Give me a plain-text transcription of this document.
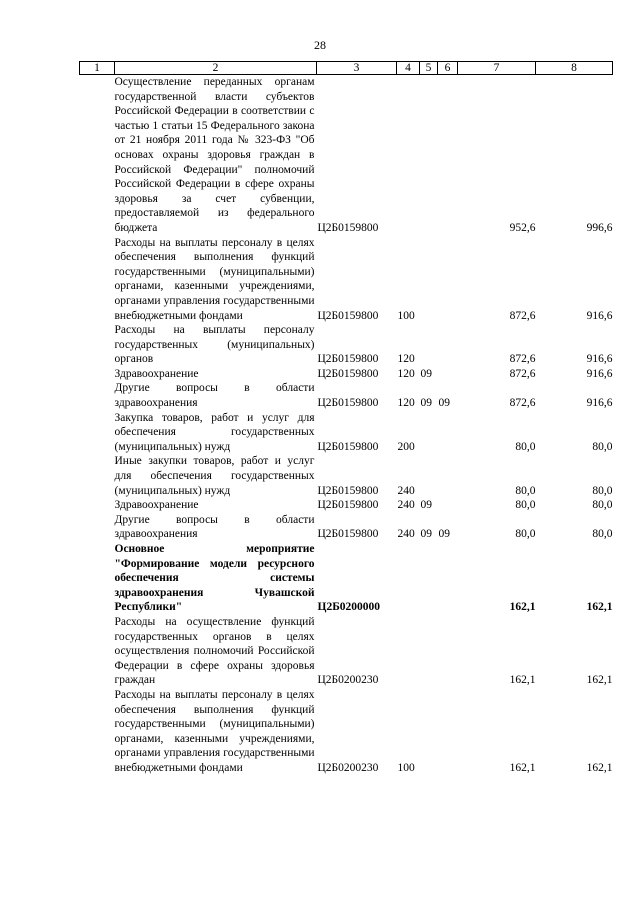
28
1	2	3	4	5	6	7	8
	Осуществление переданных органам государственной власти субъектов Российской Федерации в соответствии с частью 1 статьи 15 Федерального закона от 21 ноября 2011 года № 323-ФЗ "Об основах охраны здоровья граждан в Российской Федерации" полномочий Российской Федерации в сфере охраны здоровья за счет субвенции, предоставляемой из федерального бюджета	Ц2Б0159800				952,6	996,6
	Расходы на выплаты персоналу в целях обеспечения выполнения функций государственными (муниципальными) органами, казенными учреждениями, органами управления государственными внебюджетными фондами	Ц2Б0159800	100			872,6	916,6
	Расходы на выплаты персоналу государственных (муниципальных) органов	Ц2Б0159800	120			872,6	916,6
	Здравоохранение	Ц2Б0159800	120	09		872,6	916,6
	Другие вопросы в области здравоохранения	Ц2Б0159800	120	09	09	872,6	916,6
	Закупка товаров, работ и услуг для обеспечения государственных (муниципальных) нужд	Ц2Б0159800	200			80,0	80,0
	Иные закупки товаров, работ и услуг для обеспечения государственных (муниципальных) нужд	Ц2Б0159800	240			80,0	80,0
	Здравоохранение	Ц2Б0159800	240	09		80,0	80,0
	Другие вопросы в области здравоохранения	Ц2Б0159800	240	09	09	80,0	80,0
	Основное мероприятие "Формирование модели ресурсного обеспечения системы здравоохранения Чувашской Республики"	Ц2Б0200000				162,1	162,1
	Расходы на осуществление функций государственных органов в целях осуществления полномочий Российской Федерации в сфере охраны здоровья граждан	Ц2Б0200230				162,1	162,1
	Расходы на выплаты персоналу в целях обеспечения выполнения функций государственными (муниципальными) органами, казенными учреждениями, органами управления государственными внебюджетными фондами	Ц2Б0200230	100			162,1	162,1
